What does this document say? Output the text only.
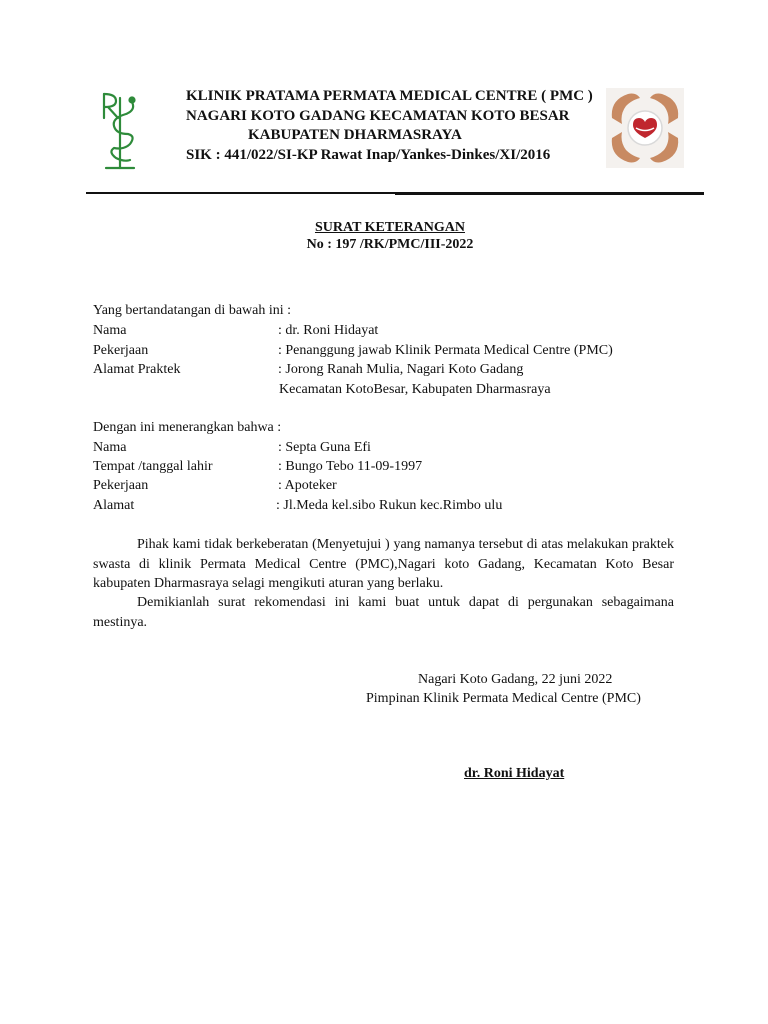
KLINIK PRATAMA PERMATA MEDICAL CENTRE ( PMC )
NAGARI KOTO GADANG KECAMATAN KOTO BESAR
KABUPATEN DHARMASRAYA
SIK : 441/022/SI-KP Rawat Inap/Yankes-Dinkes/XI/2016
SURAT KETERANGAN
No : 197 /RK/PMC/III-2022
Yang bertandatangan di bawah ini :
Nama	: dr. Roni Hidayat
Pekerjaan	: Penanggung jawab Klinik Permata Medical Centre (PMC)
Alamat Praktek	: Jorong Ranah Mulia, Nagari Koto Gadang
Kecamatan KotoBesar, Kabupaten Dharmasraya
Dengan ini menerangkan bahwa :
Nama	: Septa Guna Efi
Tempat /tanggal lahir	: Bungo Tebo 11-09-1997
Pekerjaan	: Apoteker
Alamat	: Jl.Meda kel.sibo Rukun kec.Rimbo ulu
Pihak kami tidak berkeberatan (Menyetujui ) yang namanya tersebut di atas melakukan praktek swasta di klinik Permata Medical Centre (PMC),Nagari koto Gadang, Kecamatan Koto Besar kabupaten Dharmasraya selagi mengikuti aturan yang berlaku.
Demikianlah surat rekomendasi ini kami buat untuk dapat di pergunakan sebagaimana mestinya.
Nagari Koto Gadang, 22 juni 2022
Pimpinan Klinik Permata Medical Centre (PMC)
dr. Roni Hidayat
